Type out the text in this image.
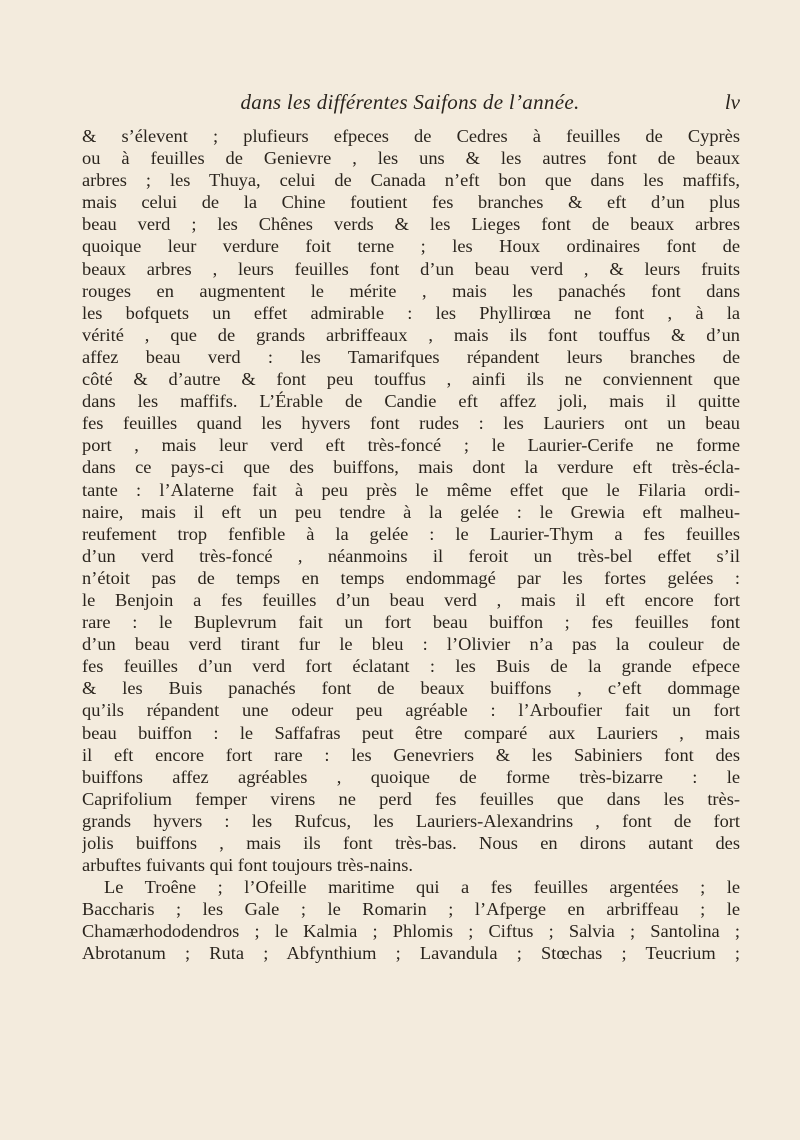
dans les différentes Saifons de l’année.	lv
& s’élevent ; plufieurs efpeces de Cedres à feuilles de Cyprès
ou à feuilles de Genievre , les uns & les autres font de beaux
arbres ; les Thuya, celui de Canada n’eft bon que dans les maffifs,
mais celui de la Chine foutient fes branches & eft d’un plus
beau verd ; les Chênes verds & les Lieges font de beaux arbres
quoique leur verdure foit terne ; les Houx ordinaires font de
beaux arbres , leurs feuilles font d’un beau verd , & leurs fruits
rouges en augmentent le mérite , mais les panachés font dans
les bofquets un effet admirable : les Phyllirœa ne font , à la
vérité , que de grands arbriffeaux , mais ils font touffus & d’un
affez beau verd : les Tamarifques répandent leurs branches de
côté & d’autre & font peu touffus , ainfi ils ne conviennent que
dans les maffifs. L’Érable de Candie eft affez joli, mais il quitte
fes feuilles quand les hyvers font rudes : les Lauriers ont un beau
port , mais leur verd eft très-foncé ; le Laurier-Cerife ne forme
dans ce pays-ci que des buiffons, mais dont la verdure eft très-écla-
tante : l’Alaterne fait à peu près le même effet que le Filaria ordi-
naire, mais il eft un peu tendre à la gelée : le Grewia eft malheu-
reufement trop fenfible à la gelée : le Laurier-Thym a fes feuilles
d’un verd très-foncé , néanmoins il feroit un très-bel effet s’il
n’étoit pas de temps en temps endommagé par les fortes gelées :
le Benjoin a fes feuilles d’un beau verd , mais il eft encore fort
rare : le Buplevrum fait un fort beau buiffon ; fes feuilles font
d’un beau verd tirant fur le bleu : l’Olivier n’a pas la couleur de
fes feuilles d’un verd fort éclatant : les Buis de la grande efpece
& les Buis panachés font de beaux buiffons , c’eft dommage
qu’ils répandent une odeur peu agréable : l’Arboufier fait un fort
beau buiffon : le Saffafras peut être comparé aux Lauriers , mais
il eft encore fort rare : les Genevriers & les Sabiniers font des
buiffons affez agréables , quoique de forme très-bizarre : le
Caprifolium femper virens ne perd fes feuilles que dans les très-
grands hyvers : les Rufcus, les Lauriers-Alexandrins , font de fort
jolis buiffons , mais ils font très-bas. Nous en dirons autant des
arbuftes fuivants qui font toujours très-nains.
Le Troêne ; l’Ofeille maritime qui a fes feuilles argentées ; le
Baccharis ; les Gale ; le Romarin ; l’Afperge en arbriffeau ; le
Chamærhododendros ; le Kalmia ; Phlomis ; Ciftus ; Salvia ; Santolina ;
Abrotanum ; Ruta ; Abfynthium ; Lavandula ; Stœchas ; Teucrium ;
